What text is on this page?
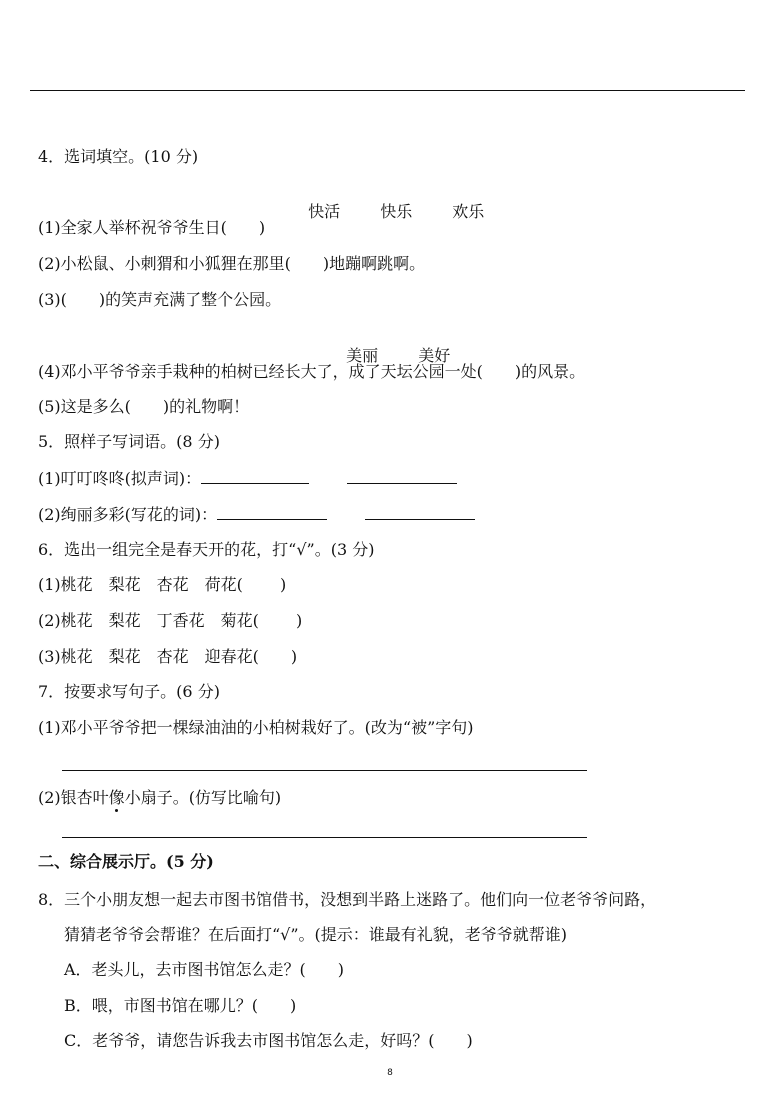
4．选词填空。(10 分)

快活	快乐	欢乐

(1)全家人举杯祝爷爷生日(　　)
(2)小松鼠、小刺猬和小狐狸在那里(　　)地蹦啊跳啊。
(3)(　　)的笑声充满了整个公园。

美丽	美好

(4)邓小平爷爷亲手栽种的柏树已经长大了，成了天坛公园一处(　　)的风景。
(5)这是多么(　　)的礼物啊！
5．照样子写词语。(8 分)
(1)叮叮咚咚(拟声词)：
(2)绚丽多彩(写花的词)：
6．选出一组完全是春天开的花，打“√”。(3 分)
(1)桃花　梨花　杏花　荷花(　　 )
(2)桃花　梨花　丁香花　菊花(　　 )
(3)桃花　梨花　杏花　迎春花(　　)
7．按要求写句子。(6 分)
(1)邓小平爷爷把一棵绿油油的小柏树栽好了。(改为“被”字句)
(2)银杏叶像小扇子。(仿写比喻句)
二、综合展示厅。(5 分)
8．三个小朋友想一起去市图书馆借书，没想到半路上迷路了。他们向一位老爷爷问路，
猜猜老爷爷会帮谁？在后面打“√”。(提示：谁最有礼貌，老爷爷就帮谁)
A．老头儿，去市图书馆怎么走？(　　)
B．喂，市图书馆在哪儿？(　　)
C．老爷爷，请您告诉我去市图书馆怎么走，好吗？(　　)
8
